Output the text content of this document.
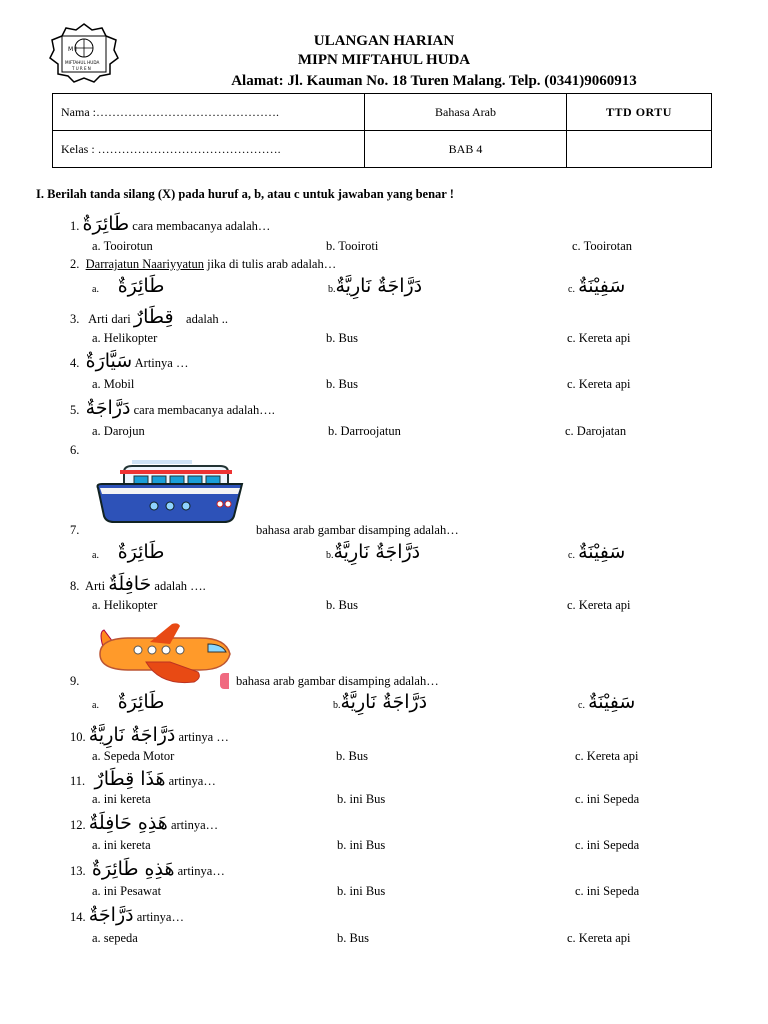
M I
MIFTAHUL HUDA
T U R E N
ULANGAN HARIAN
MIPN MIFTAHUL HUDA
Alamat: Jl. Kauman No. 18 Turen Malang. Telp. (0341)9060913
Nama :……………………………………….	Bahasa Arab	TTD ORTU
Kelas : ……………………………………….	BAB 4	
I. Berilah tanda silang (X) pada huruf a, b, atau c untuk jawaban yang benar !
1. طَائِرَةٌ cara membacanya adalah…
a. Tooirotun	b. Tooiroti	c. Tooirotan
2. Darrajatun Naariyyatun jika di tulis arab adalah…
a. طَائِرَةٌ	b.دَرَّاجَةٌ نَارِيَّةٌ	c. سَفِيْنَةٌ
3. Arti dari قِطَارٌ adalah ..
a. Helikopter	b. Bus	c. Kereta api
4. سَيَّارَةٌ Artinya …
a. Mobil	b. Bus	c. Kereta api
5. دَرَّاجَةٌ cara membacanya adalah….
a. Darojun	b. Darroojatun	c. Darojatan
6.
7.	bahasa arab gambar disamping adalah…
a. طَائِرَةٌ	b.دَرَّاجَةٌ نَارِيَّةٌ	c. سَفِيْنَةٌ
8. Arti حَافِلَةٌ adalah ….
a. Helikopter	b. Bus	c. Kereta api
9.	bahasa arab gambar disamping adalah…
a. طَائِرَةٌ	b.دَرَّاجَةٌ نَارِيَّةٌ	c. سَفِيْنَةٌ
10. دَرَّاجَةٌ نَارِيَّةٌ artinya …
a. Sepeda Motor	b. Bus	c. Kereta api
11. هَذَا قِطَارٌ artinya…
a. ini kereta	b. ini Bus	c. ini Sepeda
12. هَذِهِ حَافِلَةٌ artinya…
a. ini kereta	b. ini Bus	c. ini Sepeda
13. هَذِهِ طَائِرَةٌ artinya…
a. ini Pesawat	b. ini Bus	c. ini Sepeda
14. دَرَّاجَةٌ artinya…
a. sepeda	b. Bus	c. Kereta api
